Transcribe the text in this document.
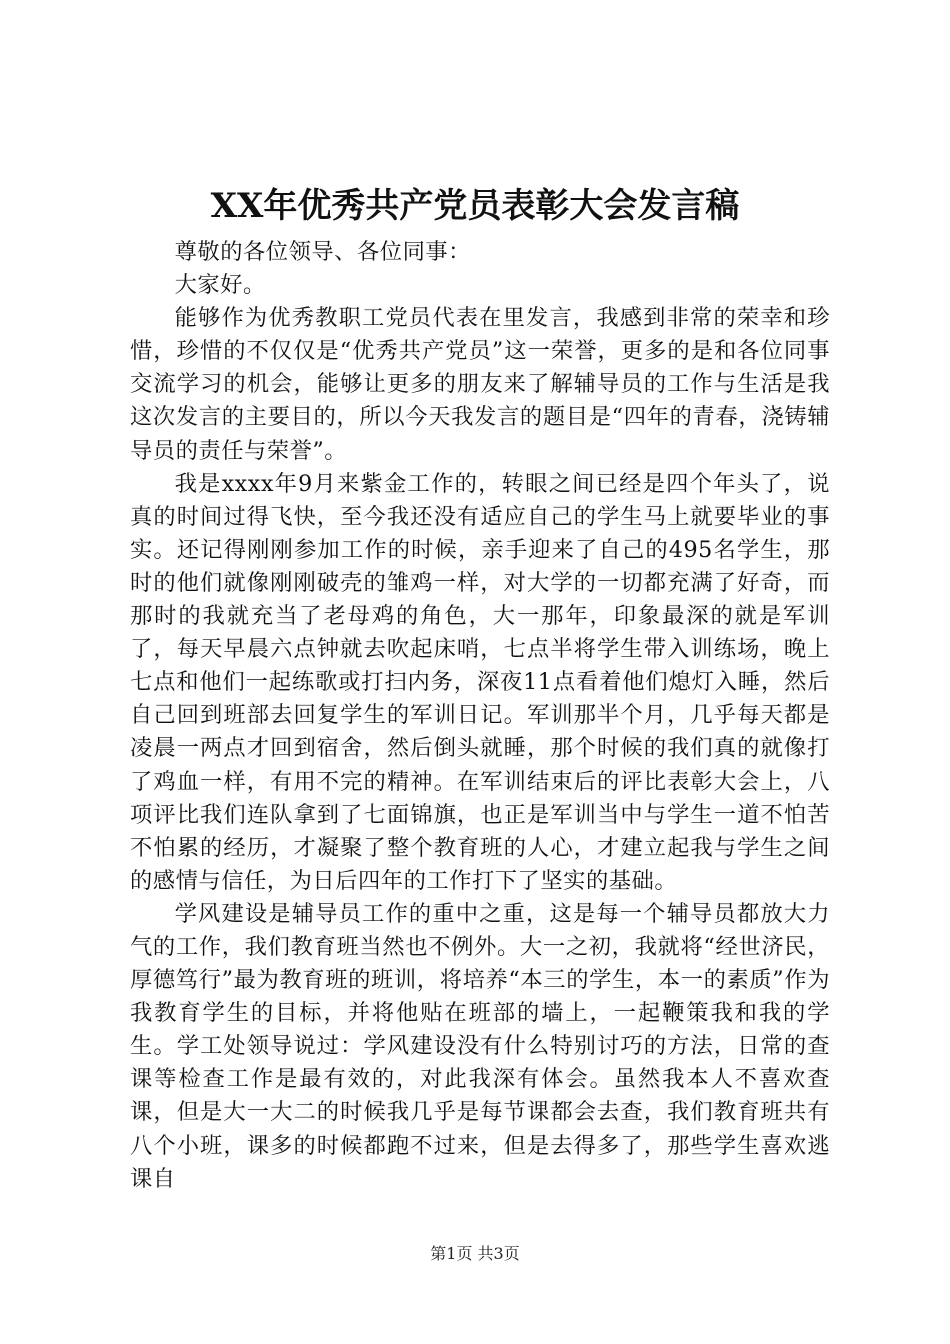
XX年优秀共产党员表彰大会发言稿

尊敬的各位领导、各位同事：

大家好。

能够作为优秀教职工党员代表在里发言，我感到非常的荣幸和珍惜，珍惜的不仅仅是“优秀共产党员”这一荣誉，更多的是和各位同事交流学习的机会，能够让更多的朋友来了解辅导员的工作与生活是我这次发言的主要目的，所以今天我发言的题目是“四年的青春，浇铸辅导员的责任与荣誉”。

我是xxxx年9月来紫金工作的，转眼之间已经是四个年头了，说真的时间过得飞快，至今我还没有适应自己的学生马上就要毕业的事实。还记得刚刚参加工作的时候，亲手迎来了自己的495名学生，那时的他们就像刚刚破壳的雏鸡一样，对大学的一切都充满了好奇，而那时的我就充当了老母鸡的角色，大一那年，印象最深的就是军训了，每天早晨六点钟就去吹起床哨，七点半将学生带入训练场，晚上七点和他们一起练歌或打扫内务，深夜11点看着他们熄灯入睡，然后自己回到班部去回复学生的军训日记。军训那半个月，几乎每天都是凌晨一两点才回到宿舍，然后倒头就睡，那个时候的我们真的就像打了鸡血一样，有用不完的精神。在军训结束后的评比表彰大会上，八项评比我们连队拿到了七面锦旗，也正是军训当中与学生一道不怕苦不怕累的经历，才凝聚了整个教育班的人心，才建立起我与学生之间的感情与信任，为日后四年的工作打下了坚实的基础。

学风建设是辅导员工作的重中之重，这是每一个辅导员都放大力气的工作，我们教育班当然也不例外。大一之初，我就将“经世济民，厚德笃行”最为教育班的班训，将培养“本三的学生，本一的素质”作为我教育学生的目标，并将他贴在班部的墙上，一起鞭策我和我的学生。学工处领导说过：学风建设没有什么特别讨巧的方法，日常的查课等检查工作是最有效的，对此我深有体会。虽然我本人不喜欢查课，但是大一大二的时候我几乎是每节课都会去查，我们教育班共有八个小班，课多的时候都跑不过来，但是去得多了，那些学生喜欢逃课自

第1页 共3页
